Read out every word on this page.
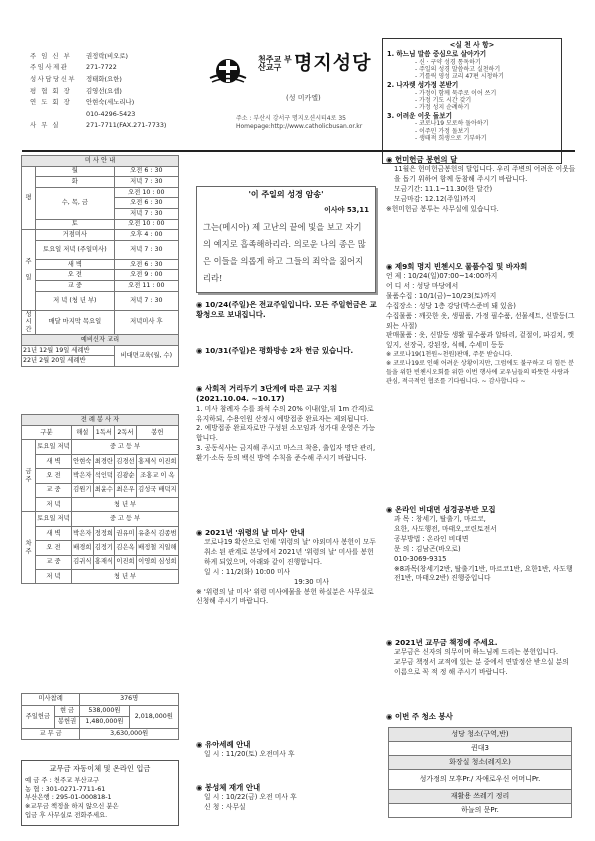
주 임 신 부	권정락(비오로)
주임사제관	271-7722
성사담당신부	정태화(요한)
평 협 회 장	김영선(요셉)
연 도 회 장	안현숙(세노리나)
010-4296-5423
사 무 실	271-7711(FAX.271-7733)
천주교 부산교구 명지성당
(성 미카엘)
주소 : 부산시 강서구 명지오션시티4로 35
Homepage:http://www.catholicbusan.or.kr
<실 천 사 항>
1. 하느님 말씀 중심으로 살아가기
- 신 · 구약 성경 통독하기
- 주일의 성경 말씀하고 실천하기
- 기를릭 영성 교리 47편 시청하기
2. 나자렛 성가정 본받기
- 가정이 함께 묵주로 이어 쓰기
- 가정 기도 시간 갖기
- 가정 성지 순례하기
3. 어려운 이웃 돌보기
- 코로나19 모로하 돌아하기
- 이주민 가정 돌보기
- 생태적 희생으로 기부하기
미 사 안 내		
평	월	오전 6 : 30
	화	저녁 7 : 30
	수, 목, 금	오전 10 : 00
		오전 6 : 30
		저녁 7 : 30
	토	오전 10 : 00
주

일	거점미사	오후 4 : 00
	토요일 저녁 (주일미사)	저녁 7 : 30
	새 벽	오전 6 : 30
	오 전	오전 9 : 00
	교 중	오전 11 : 00
	저 녁 (청 년 부)	저녁 7 : 30
성 시간	매달 마지막 목요일	저녁미사 후
예비신자 교리		
21년 12월 19일 세례반		비대면교육(월, 수)
22년 2월 20일 세례반		
전 례 봉 사 자					
구분		해설	1독서	2독서	봉헌
금 주	토요일 저녁	중 고 등 부			
	새 벽	안현숙	최경란	김경선	홍제식 이진희
	오 전	박은자	석인덕	김광순	조홍교 이 옥
	교 중	김원기	최윤수	최은우	김성국 배덕지
	저 녁	청 년 부			
차 주	토요일 저녁	중 고 등 부			
	새 벽	박은자	정정희	권유미	유춘식 김종범
	오 전	배경희	김정기	김은옥	배정철 지일해
	교 중	김귀식	홍재식	이진희	이영희 심성희
	저 녁	청 년 부			
미사참례		376명	
주일헌금	현 금	538,000원	2,018,000원
	봉헌권	1,480,000원	
교 무 금		3,630,000원	
교무금 자동이체 및 온라인 입금
예 금 주 : 천주교 부산교구
농 협 : 301-0271-7711-61
부산은행 : 295-01-000818-1
※교무금 책정을 하지 않으신 분은
입금 후 사무실로 전화주세요.
'이 주일의 성경 암송'
이사야 53,11
그는(메시아) 제 고난의 끝에 빛을 보고 자기의 예지로 흡족해하리라. 의로운 나의 종은 많은 이들을 의롭게 하고 그들의 죄악을 짊어지리라!
◉ 10/24(주일)은 전교주일입니다. 모든 주일헌금은 교황청으로 보내집니다.
◉ 10/31(주일)은 평화방송 2차 헌금 있습니다.
◉ 사회적 거리두기 3단계에 따른 교구 지침 (2021.10.04. ~10.17)
1. 미사 참례자 수를 좌석 수의 20% 이내(앞,뒤 1m 간격)로 유지하되, 수용인원 산정시 예방접종 완료자는 제외됩니다.
2. 예방접종 완료자로만 구성된 소모임과 성가대 운영은 가능합니다.
3. 공동식사는 금지해 주시고 마스크 착용, 출입자 명단 관리, 환기·소독 등의 백신 방역 수칙을 준수해 주시기 바랍니다.
◉ 2021년 '위령의 날 미사' 안내
코로나19 확산으로 인해 '위령의 날' 야외미사 봉헌이 모두 취소 된 관계로 본당에서 2021년 '위령의 날' 미사를 봉헌하게 되었으며, 아래와 같이 진행합니다.
일 시 : 11/2(화) 10:00 미사
19:30 미사
※ '위령의 날 미사' 위령 미사예물을 봉헌 하실분은 사무실로 신청해 주시기 바랍니다.
◉ 유아세례 안내
일 시 : 11/20(토) 오전미사 후
◉ 봉성체 재개 안내
일 시 : 10/22(금) 오전 미사 후
신 청 : 사무실
◉ 헌미헌금 봉헌의 달
11월은 헌미헌금봉헌의 달입니다. 우리 주변의 어려운 이웃들을 돕기 위하여 함께 동참해 주시기 바랍니다.
모금기간: 11.1~11.30(한 달간)
모금마감: 12.12(주일)까지
※헌미헌금 봉투는 사무실에 있습니다.
◉ 제9회 명지 빈첸시오 물품수집 및 바자회
언 제 : 10/24(일)07:00~14:00까지
어 디 서 : 성당 마당에서
물품수집 : 10/1(금)~10/23(토)까지
수집장소 : 성당 1층 강당(박스준비 돼 있음)
수집물품 : 깨끗한 옷, 생필품, 가정 필수품, 선물세트, 신발등(그 외는 사절)
판매물품 : 옷, 신발등 생활 필수품과 알타리, 겉절이, 파김치, 깻잎지, 선장국, 강된장, 식혜, 수세미 등등
※ 코로나19(1천원~천원)판매, 주문 받습니다.
※ 코로나19로 인해 어려운 상황이지만, 그럼에도 불구하고 더 힘든 분들을 위한 빈첸시오회를 위한 이번 행사에 교우님들의 따뜻한 사랑과 관심, 적극적인 협조를 기다립니다. ~ 감사합니다 ~
◉ 온라인 비대면 성경공부반 모집
과 목 : 창세기, 탈출기, 마르코,
요한, 사도행전, 마태오,코린토전서
공부방법 : 온라인 비대면
문 의 : 김남곤(바오로)
010-3069-9315
※8과목(창세기2반, 탈출기1반, 마르코1반, 요한1반, 사도행전1반, 마태오2반) 진행중입니다
◉ 2021년 교무금 책정에 주세요.
교무금은 신자의 의무이며 하느님께 드리는 봉헌입니다.
교무금 책정서 교적에 있는 분 중에서 연말정산 받으실 분의 이름으로 꼭 적 정 해 주시기 바랍니다.
◉ 이번 주 청소 봉사
성당 청소(구역,반)
퀸대3
화장실 청소(레지오)
성가정의 모후Pr./ 자애로우신 어머니Pr.
재활용 쓰레기 정리
하늘의 문Pr.
